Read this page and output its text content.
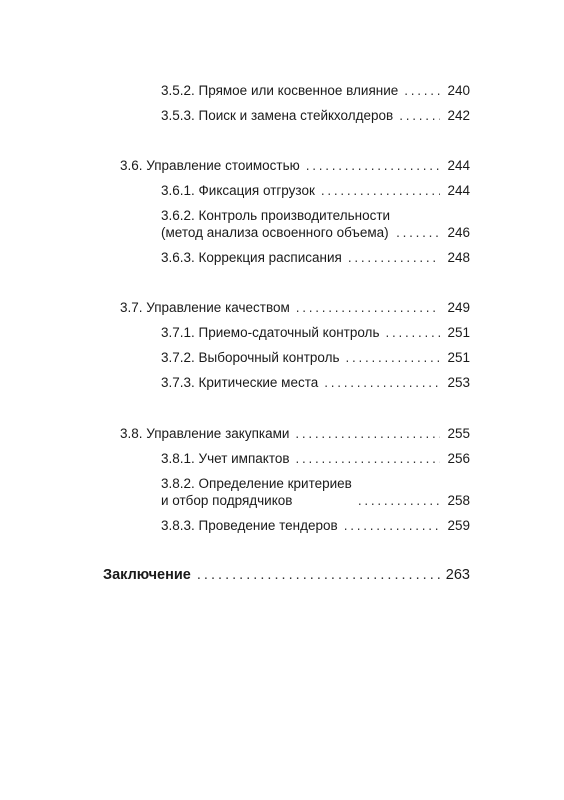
3.5.2. Прямое или косвенное влияние . . .	240
3.5.3. Поиск и замена стейкхолдеров . . .	242
3.6. Управление стоимостью . . .	244
3.6.1. Фиксация отгрузок . . .	244
3.6.2. Контроль производительности
(метод анализа освоенного объема) . . .	246
3.6.3. Коррекция расписания . . .	248
3.7. Управление качеством . . .	249
3.7.1. Приемо-сдаточный контроль . . .	251
3.7.2. Выборочный контроль . . .	251
3.7.3. Критические места . . .	253
3.8. Управление закупками . . .	255
3.8.1. Учет импактов . . .	256
3.8.2. Определение критериев
и отбор подрядчиков . . .	258
3.8.3. Проведение тендеров . . .	259
Заключение . . .	263
